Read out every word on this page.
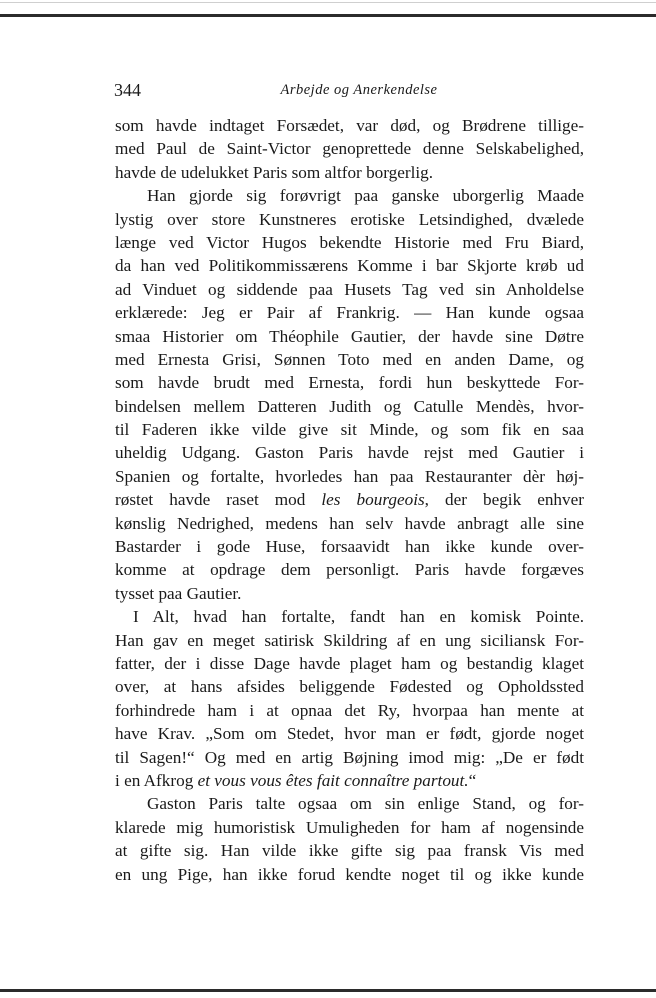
344	Arbejde og Anerkendelse
som havde indtaget Forsædet, var død, og Brødrene tillige-
med Paul de Saint-Victor genoprettede denne Selskabelighed,
havde de udelukket Paris som altfor borgerlig.
Han gjorde sig forøvrigt paa ganske uborgerlig Maade
lystig over store Kunstneres erotiske Letsindighed, dvælede
længe ved Victor Hugos bekendte Historie med Fru Biard,
da han ved Politikommissærens Komme i bar Skjorte krøb ud
ad Vinduet og siddende paa Husets Tag ved sin Anholdelse
erklærede: Jeg er Pair af Frankrig. — Han kunde ogsaa
smaa Historier om Théophile Gautier, der havde sine Døtre
med Ernesta Grisi, Sønnen Toto med en anden Dame, og
som havde brudt med Ernesta, fordi hun beskyttede For-
bindelsen mellem Datteren Judith og Catulle Mendès, hvor-
til Faderen ikke vilde give sit Minde, og som fik en saa
uheldig Udgang. Gaston Paris havde rejst med Gautier i
Spanien og fortalte, hvorledes han paa Restauranter dèr høj-
røstet havde raset mod les bourgeois, der begik enhver
kønslig Nedrighed, medens han selv havde anbragt alle sine
Bastarder i gode Huse, forsaavidt han ikke kunde over-
komme at opdrage dem personligt. Paris havde forgæves
tysset paa Gautier.
I Alt, hvad han fortalte, fandt han en komisk Pointe.
Han gav en meget satirisk Skildring af en ung siciliansk For-
fatter, der i disse Dage havde plaget ham og bestandig klaget
over, at hans afsides beliggende Fødested og Opholdssted
forhindrede ham i at opnaa det Ry, hvorpaa han mente at
have Krav. „Som om Stedet, hvor man er født, gjorde noget
til Sagen!“ Og med en artig Bøjning imod mig: „De er født
i en Afkrog et vous vous êtes fait connaître partout.“
Gaston Paris talte ogsaa om sin enlige Stand, og for-
klarede mig humoristisk Umuligheden for ham af nogensinde
at gifte sig. Han vilde ikke gifte sig paa fransk Vis med
en ung Pige, han ikke forud kendte noget til og ikke kunde
